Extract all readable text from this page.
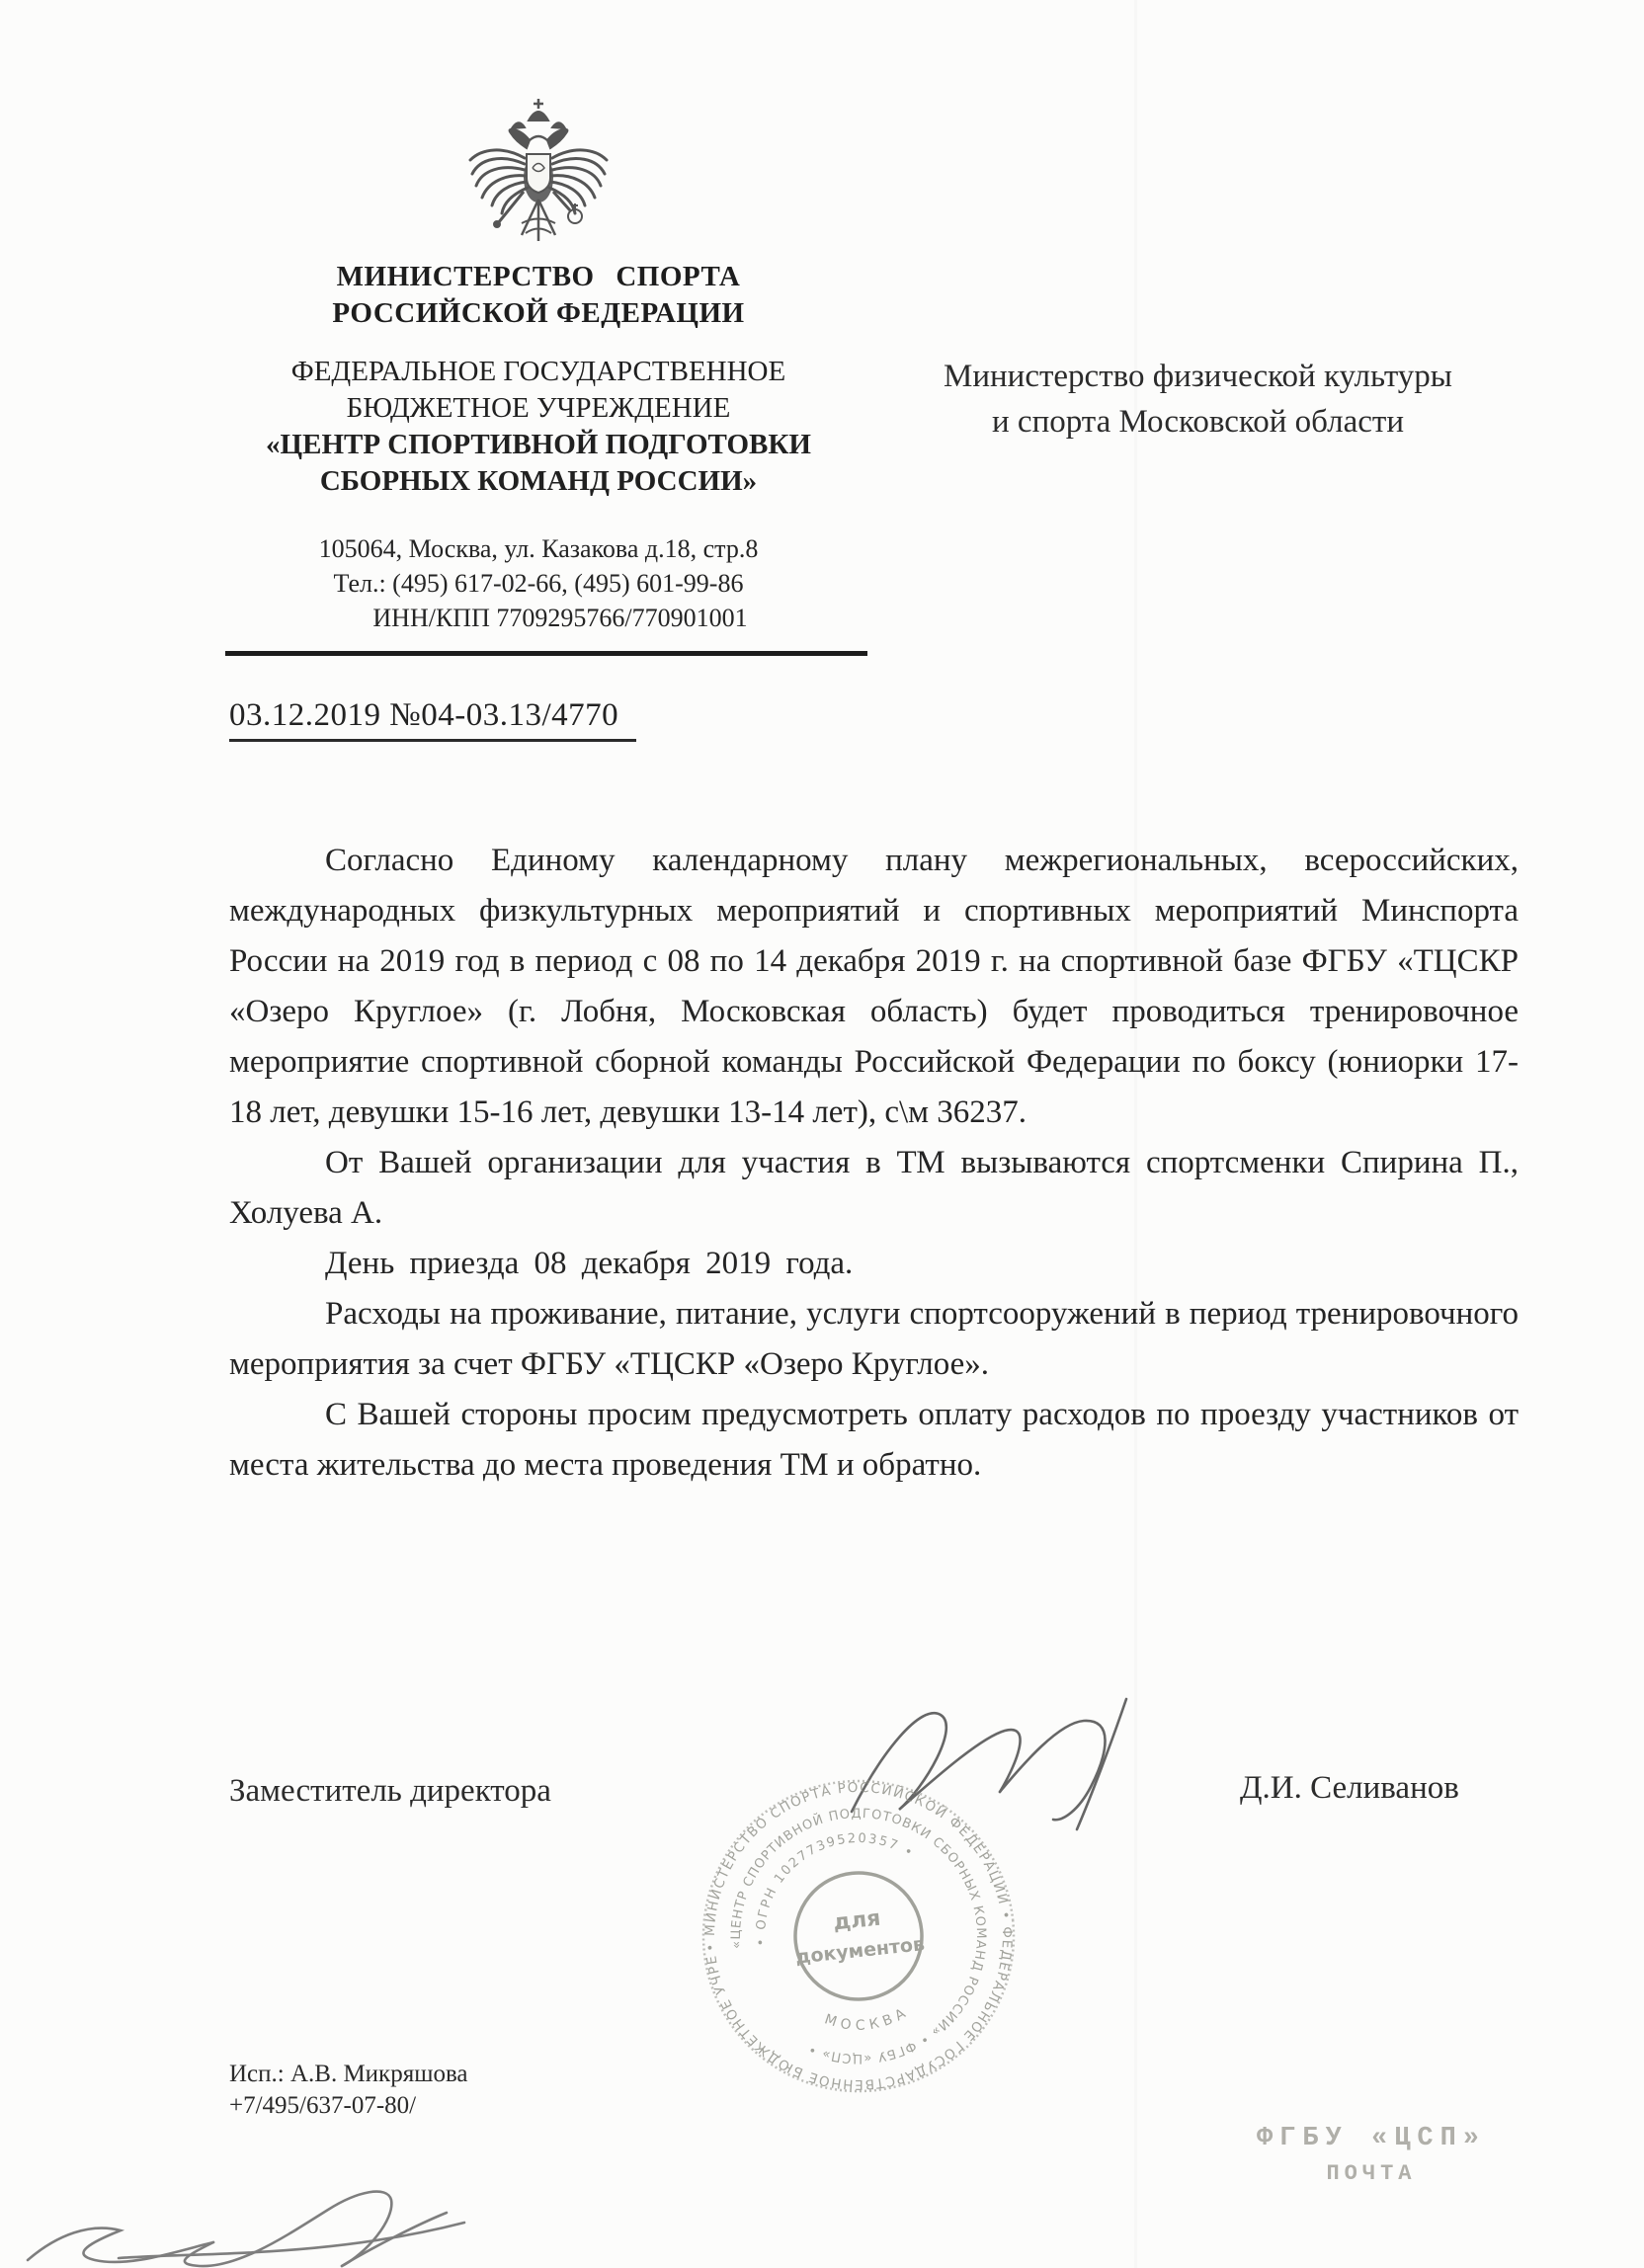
МИНИСТЕРСТВО СПОРТА
РОССИЙСКОЙ ФЕДЕРАЦИИ
ФЕДЕРАЛЬНОЕ ГОСУДАРСТВЕННОЕ
БЮДЖЕТНОЕ УЧРЕЖДЕНИЕ
«ЦЕНТР СПОРТИВНОЙ ПОДГОТОВКИ
СБОРНЫХ КОМАНД РОССИИ»
105064, Москва, ул. Казакова д.18, стр.8
Тел.: (495) 617-02-66, (495) 601-99-86
ИНН/КПП 7709295766/770901001
Министерство физической культуры
и спорта Московской области
03.12.2019 №04-03.13/4770

Согласно Единому календарному плану межрегиональных, всероссийских, международных физкультурных мероприятий и спортивных мероприятий Минспорта России на 2019 год в период с 08 по 14 декабря 2019 г. на спортивной базе ФГБУ «ТЦСКР «Озеро Круглое» (г. Лобня, Московская область) будет проводиться тренировочное мероприятие спортивной сборной команды Российской Федерации по боксу (юниорки 17-18 лет, девушки 15-16 лет, девушки 13-14 лет), с\м 36237.

От Вашей организации для участия в ТМ вызываются спортсменки Спирина П., Холуева А.

День приезда 08 декабря 2019 года.

Расходы на проживание, питание, услуги спортсооружений в период тренировочного мероприятия за счет ФГБУ «ТЦСКР «Озеро Круглое».

С Вашей стороны просим предусмотреть оплату расходов по проезду участников от места жительства до места проведения ТМ и обратно.

Заместитель директора	Д.И. Селиванов
• МИНИСТЕРСТВО СПОРТА РОССИЙСКОЙ ФЕДЕРАЦИИ • ФЕДЕРАЛЬНОЕ ГОСУДАРСТВЕННОЕ БЮДЖЕТНОЕ УЧРЕЖДЕНИЕ
«ЦЕНТР СПОРТИВНОЙ ПОДГОТОВКИ СБОРНЫХ КОМАНД РОССИИ» • ФГБУ «ЦСП» •
• ОГРН 1027739520357 •
МОСКВА
для
документов
Исп.: А.В. Микряшова
+7/495/637-07-80/
ФГБУ «ЦСП»
ПОЧТА
